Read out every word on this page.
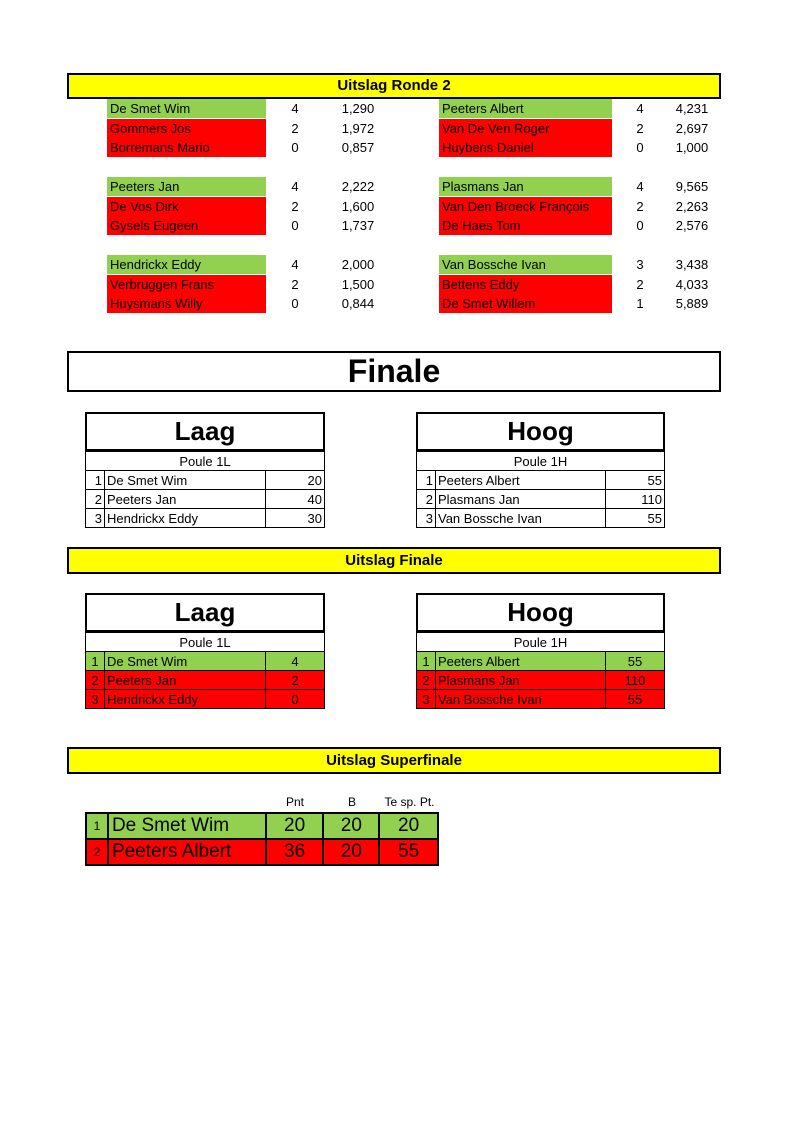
Uitslag Ronde 2
De Smet Wim	4	1,290
Gommers Jos	2	1,972
Borremans Mario	0	0,857
Peeters Albert	4	4,231
Van De Ven Roger	2	2,697
Huybens Daniel	0	1,000
Peeters Jan	4	2,222
De Vos Dirk	2	1,600
Gysels Eugeen	0	1,737
Plasmans Jan	4	9,565
Van Den Broeck François	2	2,263
De Haes Tom	0	2,576
Hendrickx Eddy	4	2,000
Verbruggen Frans	2	1,500
Huysmans Willy	0	0,844
Van Bossche Ivan	3	3,438
Bettens Eddy	2	4,033
De Smet Willem	1	5,889
Finale
Laag	Hoog
Poule 1L		
1	De Smet Wim	20
2	Peeters Jan	40
3	Hendrickx Eddy	30
Poule 1H		
1	Peeters Albert	55
2	Plasmans Jan	110
3	Van Bossche Ivan	55
Uitslag Finale
Laag	Hoog
Poule 1L		
1	De Smet Wim	4
2	Peeters Jan	2
3	Hendrickx Eddy	0
Poule 1H		
1	Peeters Albert	55
2	Plasmans Jan	110
3	Van Bossche Ivan	55
Uitslag Superfinale
Pnt	B	Te sp. Pt.
1	De Smet Wim	20	20	20
2	Peeters Albert	36	20	55
